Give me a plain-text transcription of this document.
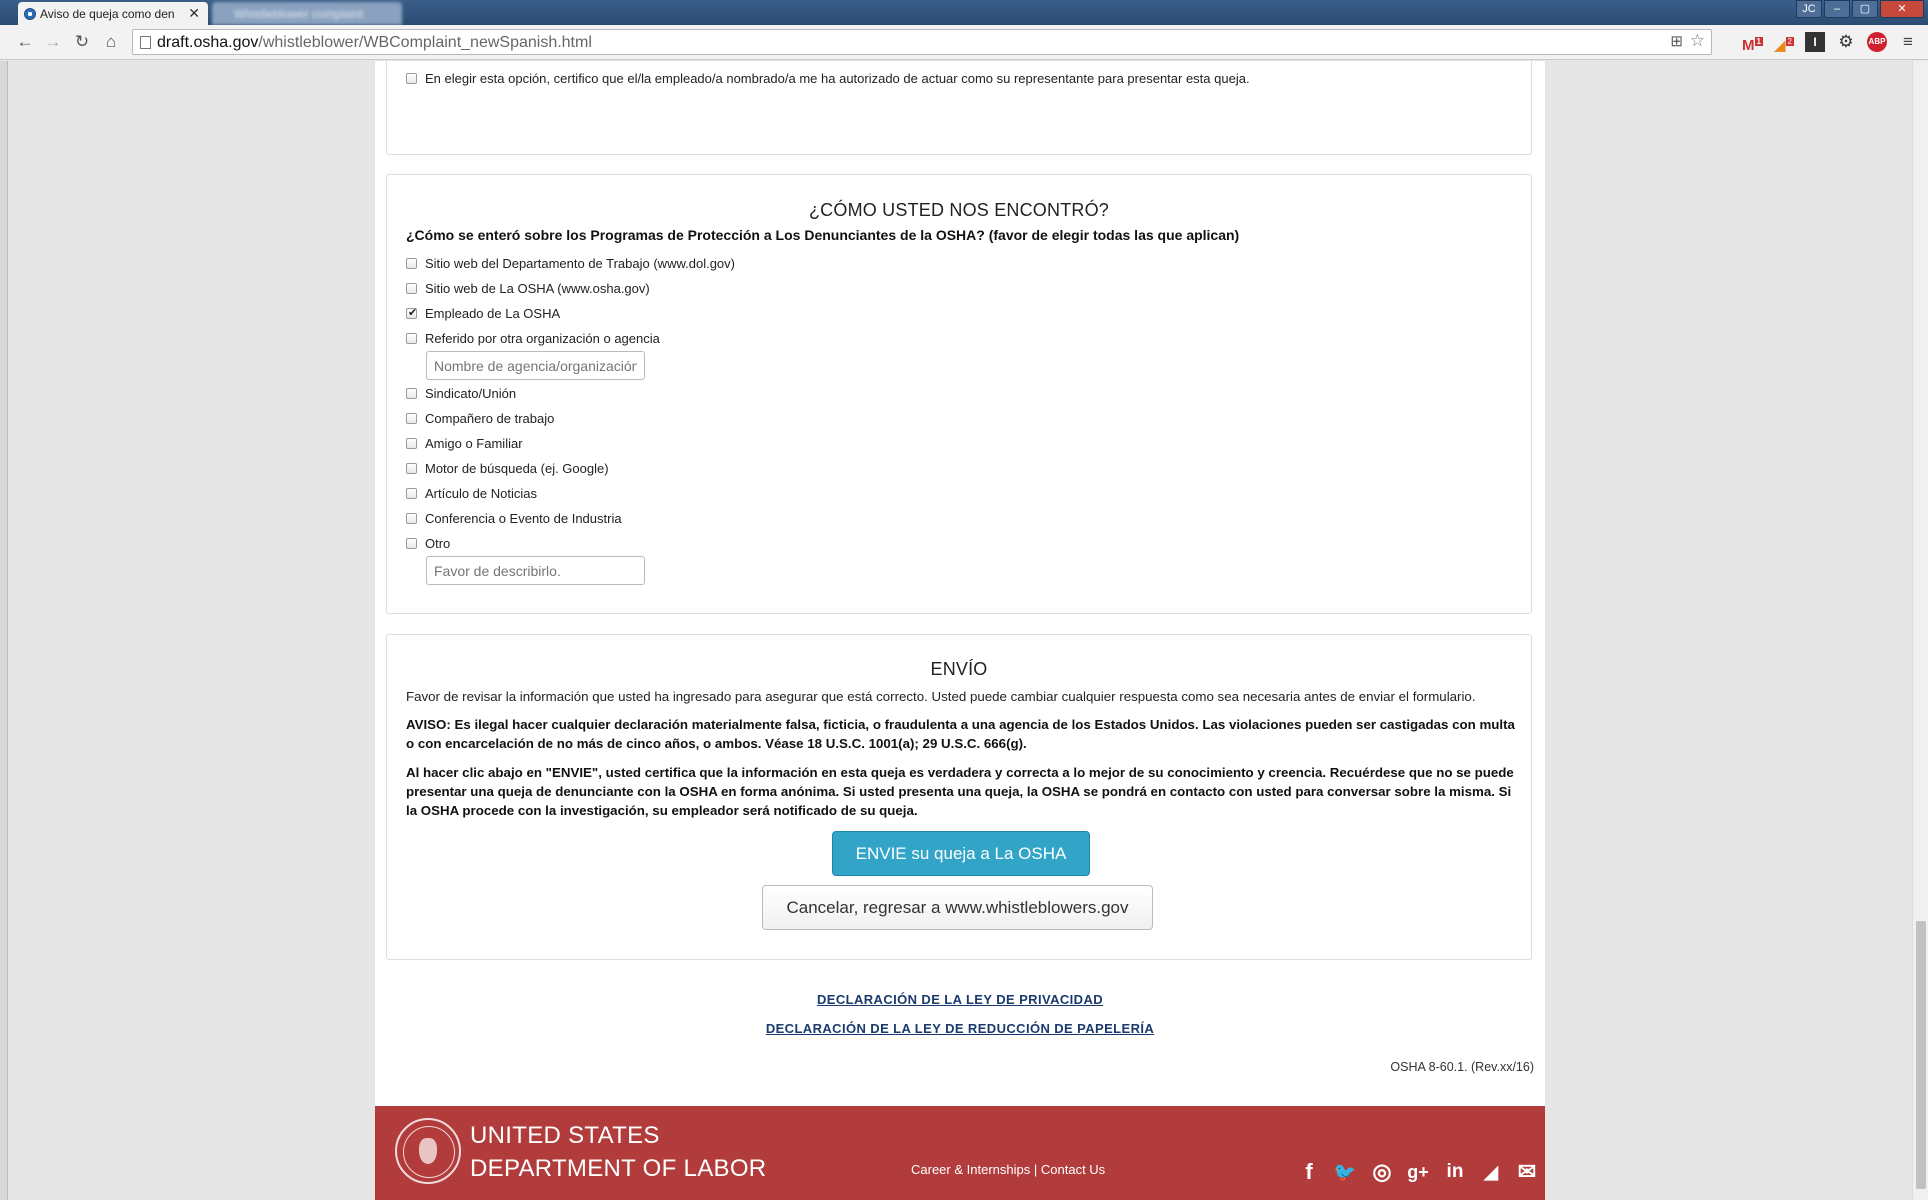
Aviso de queja como den ✕	Whistleblower complaint	JC	–	▢	✕
← → ↻ ⌂	draft.osha.gov/whistleblower/WBComplaint_newSpanish.html	⊞ ☆ M $^1$ ◢ $^2$	I	⚙ ABP ≡
En elegir esta opción, certifico que el/la empleado/a nombrado/a me ha autorizado de actuar como su representante para presentar esta queja.
¿CÓMO USTED NOS ENCONTRÓ?
¿Cómo se enteró sobre los Programas de Protección a Los Denunciantes de la OSHA? (favor de elegir todas las que aplican)
Sitio web del Departamento de Trabajo (www.dol.gov)
Sitio web de La OSHA (www.osha.gov)
✔Empleado de La OSHA
Referido por otra organización o agencia
Nombre de agencia/organización
Sindicato/Unión
Compañero de trabajo
Amigo o Familiar
Motor de búsqueda (ej. Google)
Artículo de Noticias
Conferencia o Evento de Industria
Otro
Favor de describirlo.
ENVÍO
Favor de revisar la información que usted ha ingresado para asegurar que está correcto. Usted puede cambiar cualquier respuesta como sea necesaria antes de enviar el formulario.
AVISO: Es ilegal hacer cualquier declaración materialmente falsa, ficticia, o fraudulenta a una agencia de los Estados Unidos. Las violaciones pueden ser castigadas con multa o con encarcelación de no más de cinco años, o ambos. Véase 18 U.S.C. 1001(a); 29 U.S.C. 666(g).
Al hacer clic abajo en "ENVIE", usted certifica que la información en esta queja es verdadera y correcta a lo mejor de su conocimiento y creencia. Recuérdese que no se puede presentar una queja de denunciante con la OSHA en forma anónima. Si usted presenta una queja, la OSHA se pondrá en contacto con usted para conversar sobre la misma. Si la OSHA procede con la investigación, su empleador será notificado de su queja.
ENVIE su queja a La OSHA
Cancelar, regresar a www.whistleblowers.gov
DECLARACIÓN DE LA LEY DE PRIVACIDAD
DECLARACIÓN DE LA LEY DE REDUCCIÓN DE PAPELERÍA
OSHA 8-60.1. (Rev.xx/16)
UNITED STATES
DEPARTMENT OF LABOR	Career & Internships | Contact Us	f	🐦 ◎ g+ in	◢ ✉
